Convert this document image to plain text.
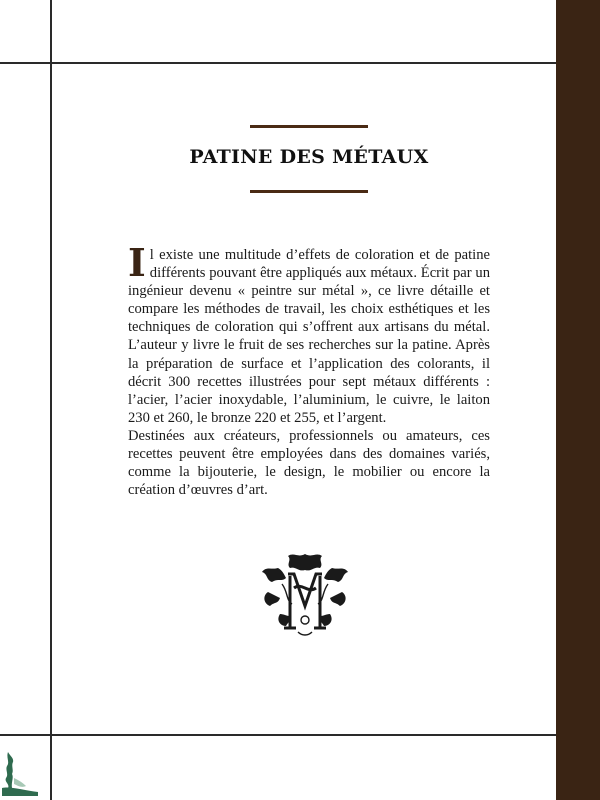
PATINE DES MÉTAUX

Il existe une multitude d’effets de coloration et de patine différents pouvant être appliqués aux métaux. Écrit par un ingénieur devenu « peintre sur métal », ce livre détaille et compare les méthodes de travail, les choix esthétiques et les techniques de coloration qui s’offrent aux artisans du métal. L’auteur y livre le fruit de ses recherches sur la patine. Après la préparation de surface et l’application des colorants, il décrit 300 recettes illustrées pour sept métaux différents : l’acier, l’acier inoxydable, l’aluminium, le cuivre, le laiton 230 et 260, le bronze 220 et 255, et l’argent.

Destinées aux créateurs, professionnels ou amateurs, ces recettes peuvent être employées dans des domaines variés, comme la bijouterie, le design, le mobilier ou encore la création d’œuvres d’art.
